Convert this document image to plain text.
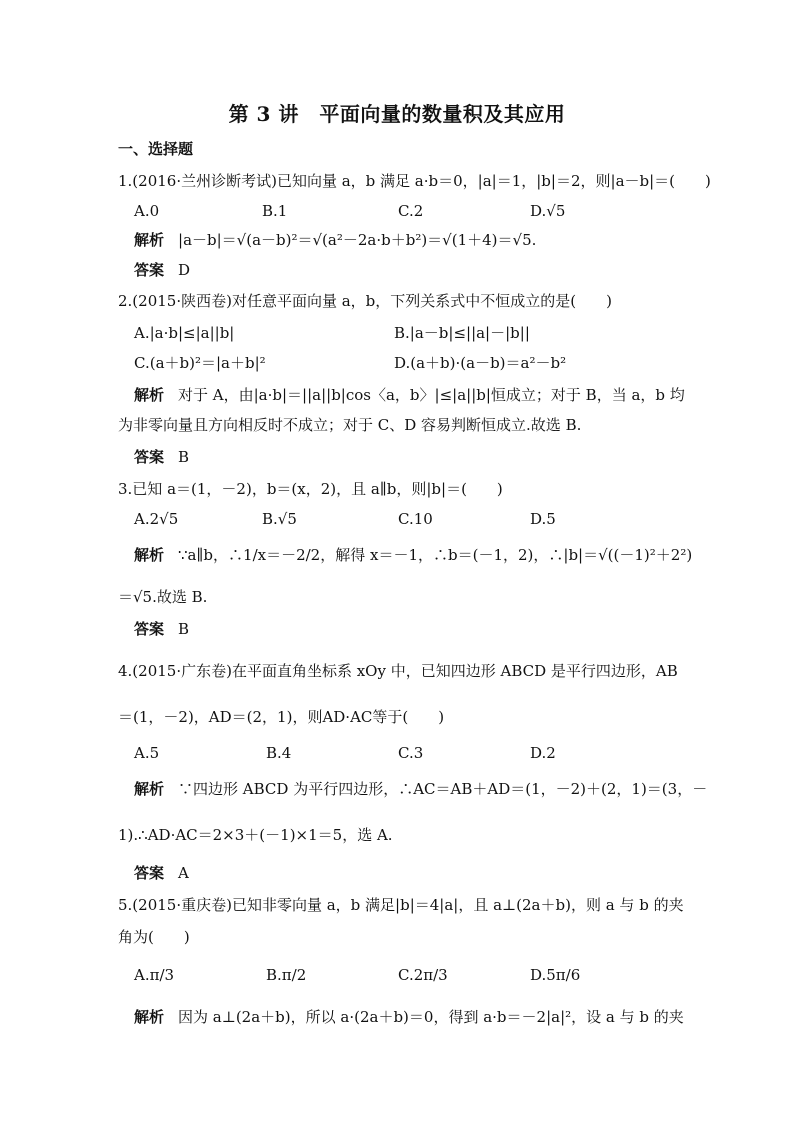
第 3 讲　平面向量的数量积及其应用
一、选择题
1.(2016·兰州诊断考试)已知向量 a，b 满足 a·b＝0，|a|＝1，|b|＝2，则|a－b|＝(　　)
A.0	B.1	C.2	D.√5
解析 |a－b|＝√(a－b)²＝√(a²－2a·b＋b²)＝√(1＋4)＝√5.
答案 D
2.(2015·陕西卷)对任意平面向量 a，b，下列关系式中不恒成立的是(　　)
A.|a·b|≤|a||b|	B.|a－b|≤||a|－|b||
C.(a＋b)²＝|a＋b|²	D.(a＋b)·(a－b)＝a²－b²
解析 对于 A，由|a·b|＝||a||b|cos〈a，b〉|≤|a||b|恒成立；对于 B，当 a，b 均
为非零向量且方向相反时不成立；对于 C、D 容易判断恒成立.故选 B.
答案 B
3.已知 a＝(1，－2)，b＝(x，2)，且 a∥b，则|b|＝(　　)
A.2√5	B.√5	C.10	D.5
解析 ∵a∥b，∴1/x＝－2/2，解得 x＝－1，∴b＝(－1，2)，∴|b|＝√((－1)²＋2²)
＝√5.故选 B.
答案 B
4.(2015·广东卷)在平面直角坐标系 xOy 中，已知四边形 ABCD 是平行四边形，AB
＝(1，－2)，AD＝(2，1)，则AD·AC等于(　　)
A.5	B.4	C.3	D.2
解析 ∵四边形 ABCD 为平行四边形，∴AC＝AB＋AD＝(1，－2)＋(2，1)＝(3，－
1).∴AD·AC＝2×3＋(－1)×1＝5，选 A.
答案 A
5.(2015·重庆卷)已知非零向量 a，b 满足|b|＝4|a|，且 a⊥(2a＋b)，则 a 与 b 的夹
角为(　　)
A.π/3	B.π/2	C.2π/3	D.5π/6
解析 因为 a⊥(2a＋b)，所以 a·(2a＋b)＝0，得到 a·b＝－2|a|²，设 a 与 b 的夹
